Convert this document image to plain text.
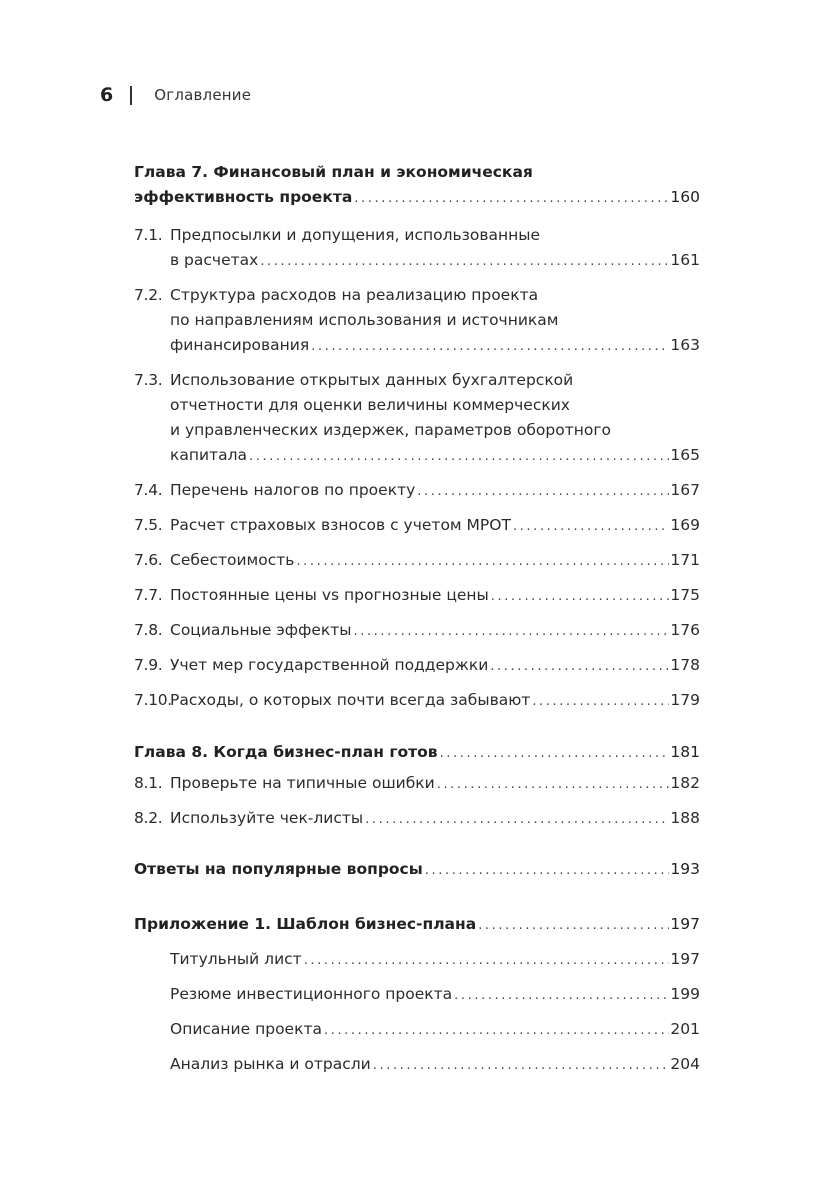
6	Оглавление
Глава 7. Финансовый план и экономическая
эффективность проекта .....	160
7.1. Предпосылки и допущения, использованные
в расчетах .....	161
7.2. Структура расходов на реализацию проекта
по направлениям использования и источникам
финансирования .....	163
7.3. Использование открытых данных бухгалтерской
отчетности для оценки величины коммерческих
и управленческих издержек, параметров оборотного
капитала .....	165
7.4. Перечень налогов по проекту .....	167
7.5. Расчет страховых взносов с учетом МРОТ .....	169
7.6. Себестоимость .....	171
7.7. Постоянные цены vs прогнозные цены .....	175
7.8. Социальные эффекты .....	176
7.9. Учет мер государственной поддержки .....	178
7.10.
Расходы, о которых почти всегда забывают .....	179
Глава 8. Когда бизнес-план готов .....	181
8.1. Проверьте на типичные ошибки .....	182
8.2. Используйте чек-листы .....	188
Ответы на популярные вопросы .....	193
Приложение 1. Шаблон бизнес-плана .....	197
Титульный лист .....	197
Резюме инвестиционного проекта .....	199
Описание проекта .....	201
Анализ рынка и отрасли .....	204
